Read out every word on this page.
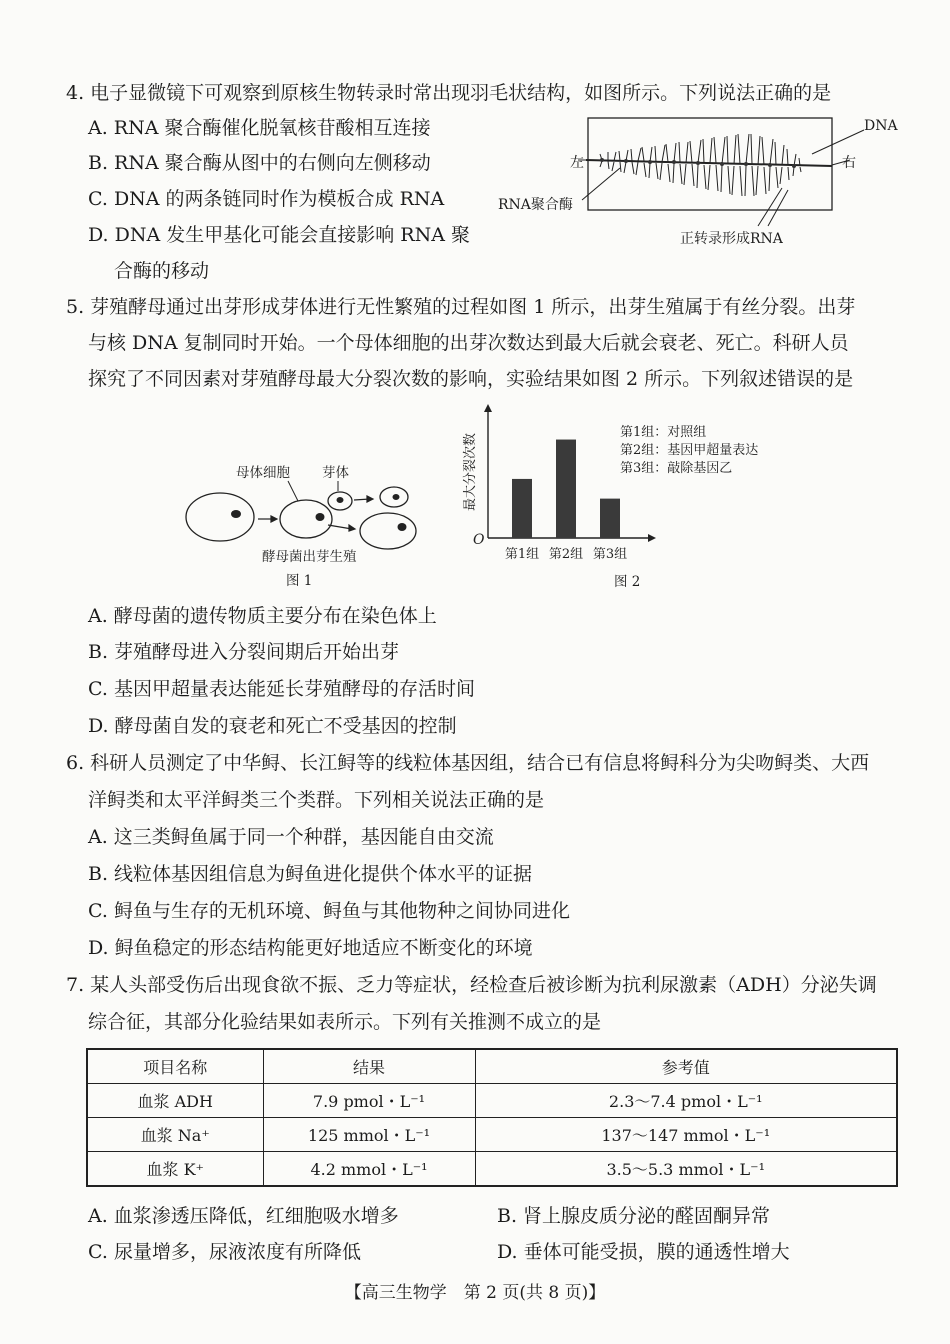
4. 电子显微镜下可观察到原核生物转录时常出现羽毛状结构，如图所示。下列说法正确的是
A. RNA 聚合酶催化脱氧核苷酸相互连接
B. RNA 聚合酶从图中的右侧向左侧移动
C. DNA 的两条链同时作为模板合成 RNA
D. DNA 发生甲基化可能会直接影响 RNA 聚
合酶的移动
DNA
左	右
RNA聚合酶
正转录形成RNA
5. 芽殖酵母通过出芽形成芽体进行无性繁殖的过程如图 1 所示，出芽生殖属于有丝分裂。出芽
与核 DNA 复制同时开始。一个母体细胞的出芽次数达到最大后就会衰老、死亡。科研人员
探究了不同因素对芽殖酵母最大分裂次数的影响，实验结果如图 2 所示。下列叙述错误的是
母体细胞 芽体
酵母菌出芽生殖
图 1
第1组 第2组 第3组
最大分裂次数
O
第1组：对照组
第2组：基因甲超量表达
第3组：敲除基因乙
图 2
A. 酵母菌的遗传物质主要分布在染色体上
B. 芽殖酵母进入分裂间期后开始出芽
C. 基因甲超量表达能延长芽殖酵母的存活时间
D. 酵母菌自发的衰老和死亡不受基因的控制
6. 科研人员测定了中华鲟、长江鲟等的线粒体基因组，结合已有信息将鲟科分为尖吻鲟类、大西
洋鲟类和太平洋鲟类三个类群。下列相关说法正确的是
A. 这三类鲟鱼属于同一个种群，基因能自由交流
B. 线粒体基因组信息为鲟鱼进化提供个体水平的证据
C. 鲟鱼与生存的无机环境、鲟鱼与其他物种之间协同进化
D. 鲟鱼稳定的形态结构能更好地适应不断变化的环境
7. 某人头部受伤后出现食欲不振、乏力等症状，经检查后被诊断为抗利尿激素（ADH）分泌失调
综合征，其部分化验结果如表所示。下列有关推测不成立的是
项目名称	结果	参考值
血浆 ADH	7.9 pmol・L⁻¹	2.3～7.4 pmol・L⁻¹
血浆 Na⁺	125 mmol・L⁻¹	137～147 mmol・L⁻¹
血浆 K⁺	4.2 mmol・L⁻¹	3.5～5.3 mmol・L⁻¹
A. 血浆渗透压降低，红细胞吸水增多	B. 肾上腺皮质分泌的醛固酮异常
C. 尿量增多，尿液浓度有所降低	D. 垂体可能受损，膜的通透性增大
【高三生物学　第 2 页(共 8 页)】
